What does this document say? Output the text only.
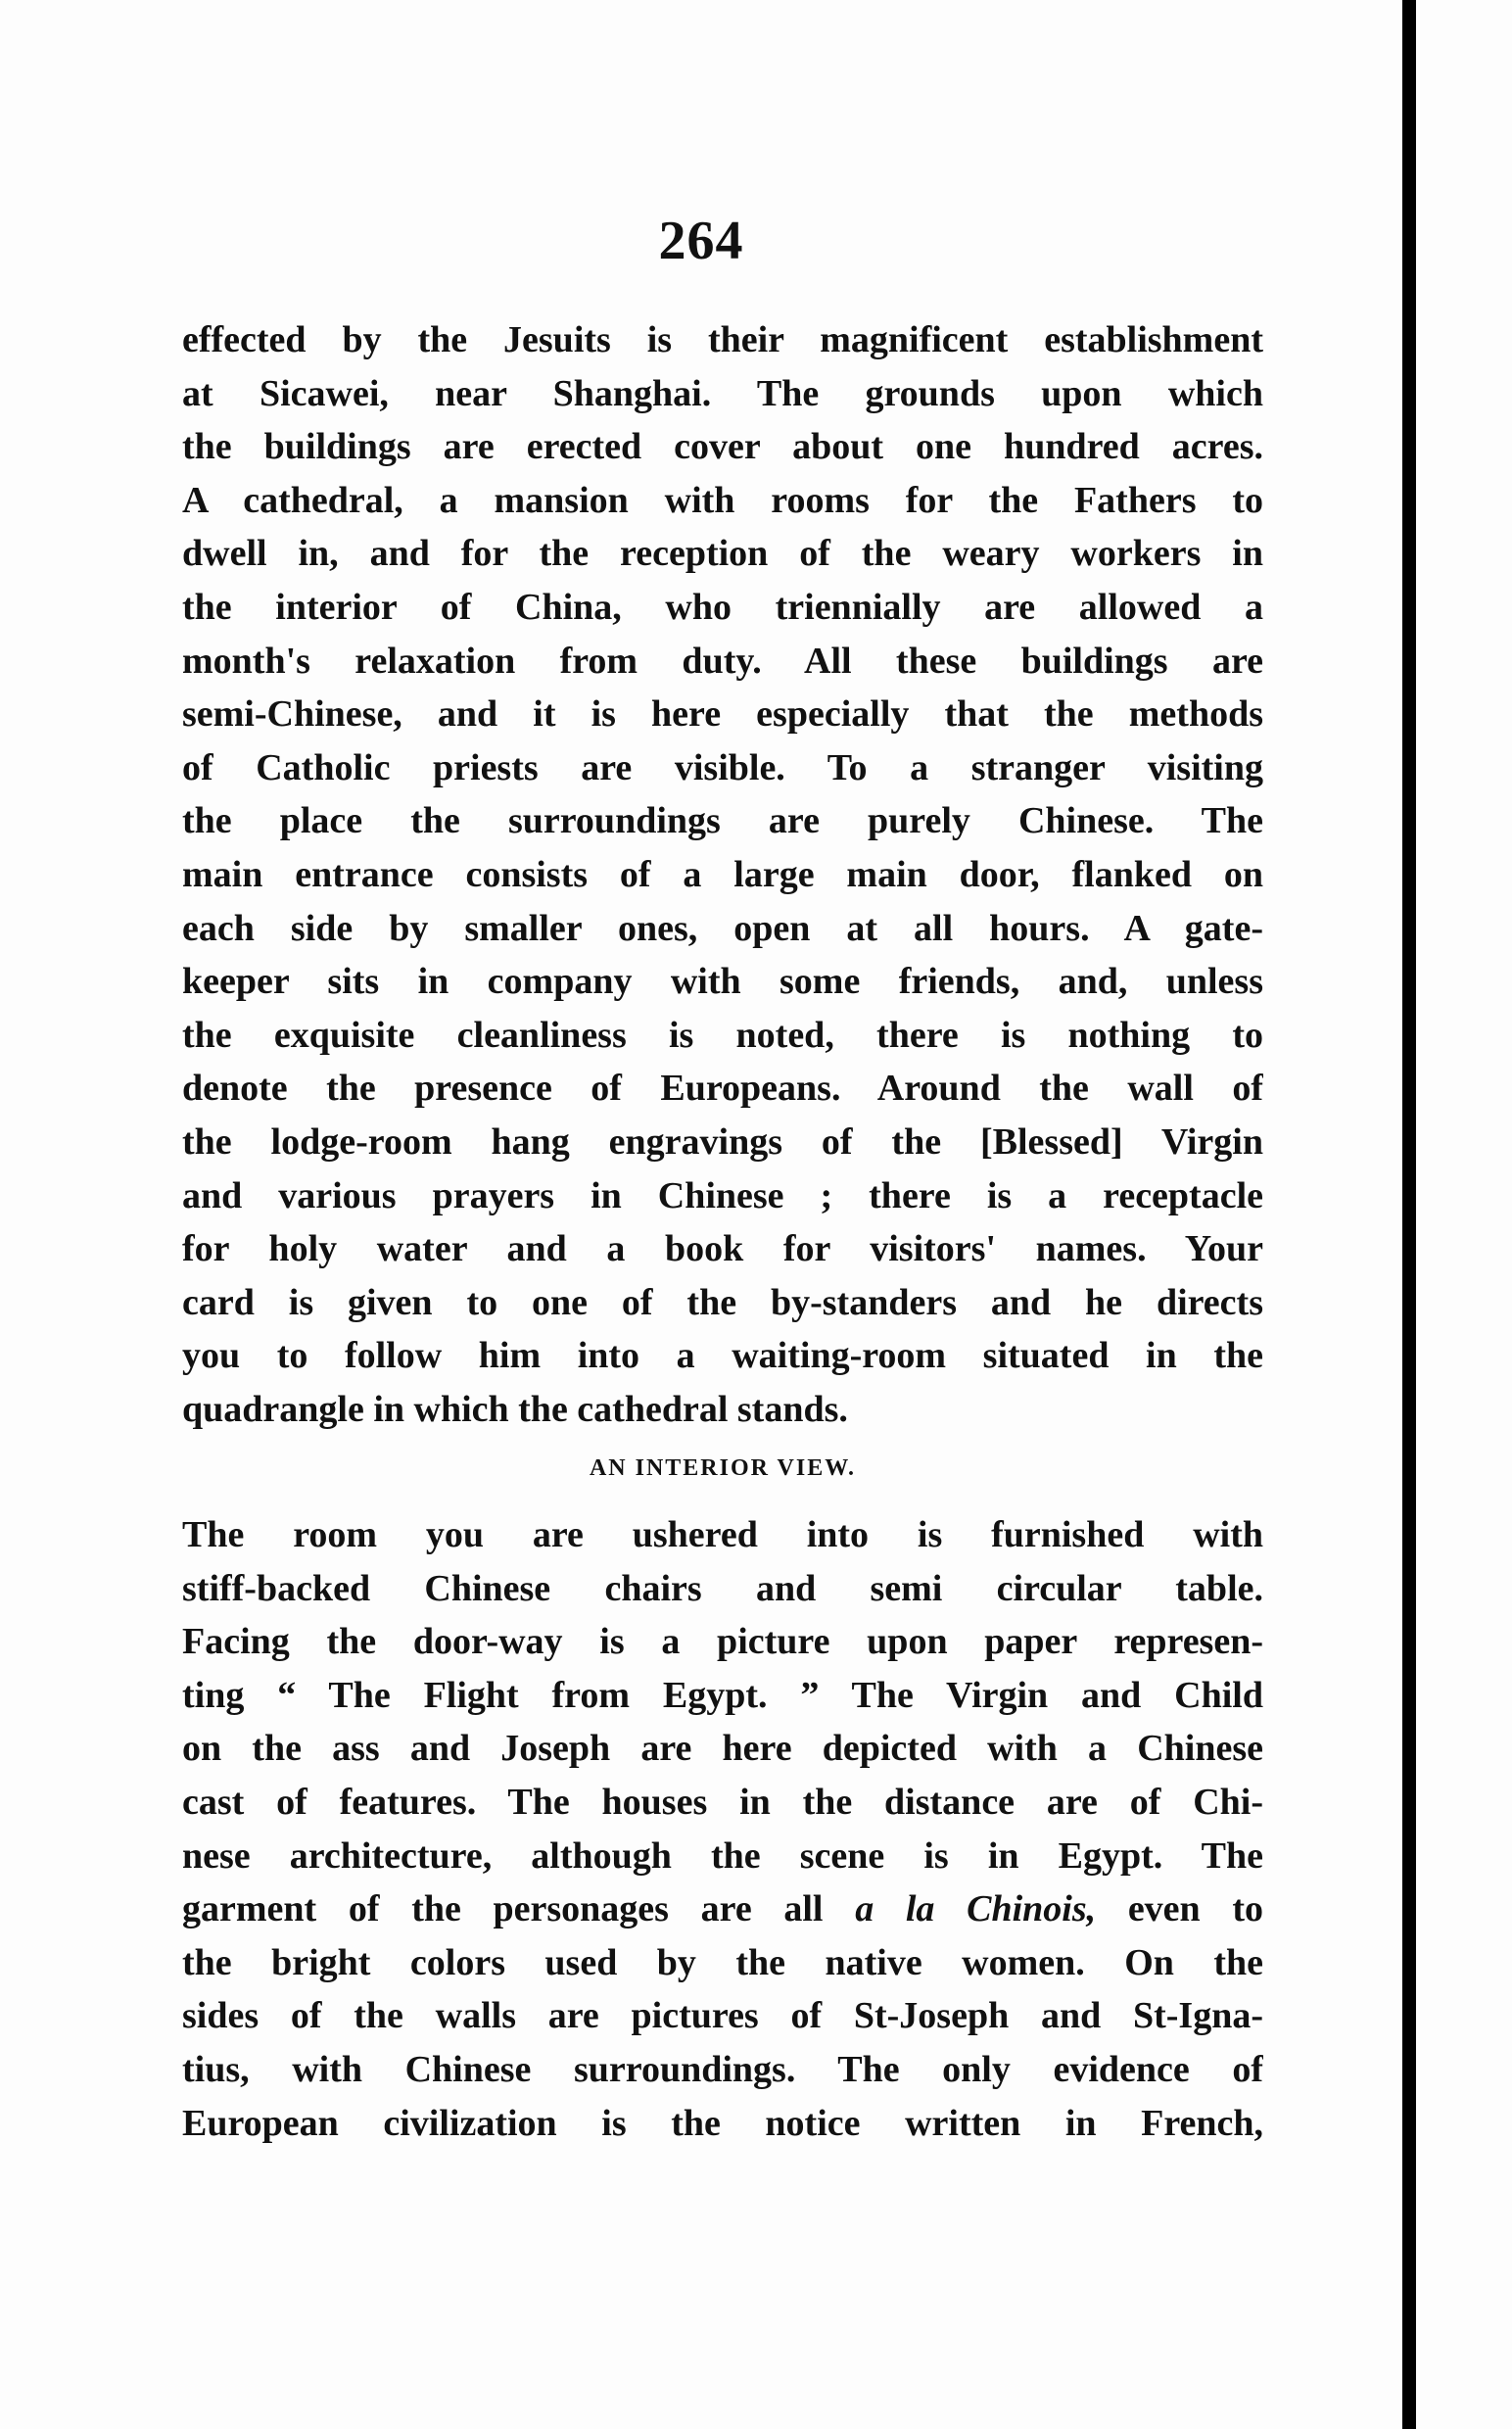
264
effected by the Jesuits is their magnificent establishment
at Sicawei, near Shanghai. The grounds upon which
the buildings are erected cover about one hundred acres.
A cathedral, a mansion with rooms for the Fathers to
dwell in, and for the reception of the weary workers in
the interior of China, who triennially are allowed a
month's relaxation from duty. All these buildings are
semi-Chinese, and it is here especially that the methods
of Catholic priests are visible. To a stranger visiting
the place the surroundings are purely Chinese. The
main entrance consists of a large main door, flanked on
each side by smaller ones, open at all hours. A gate-
keeper sits in company with some friends, and, unless
the exquisite cleanliness is noted, there is nothing to
denote the presence of Europeans. Around the wall of
the lodge-room hang engravings of the [Blessed] Virgin
and various prayers in Chinese ; there is a receptacle
for holy water and a book for visitors' names. Your
card is given to one of the by-standers and he directs
you to follow him into a waiting-room situated in the
quadrangle in which the cathedral stands.
AN INTERIOR VIEW.
The room you are ushered into is furnished with
stiff-backed Chinese chairs and semi circular table.
Facing the door-way is a picture upon paper represen-
ting “ The Flight from Egypt. ” The Virgin and Child
on the ass and Joseph are here depicted with a Chinese
cast of features. The houses in the distance are of Chi-
nese architecture, although the scene is in Egypt. The
garment of the personages are all a la Chinois, even to
the bright colors used by the native women. On the
sides of the walls are pictures of St-Joseph and St-Igna-
tius, with Chinese surroundings. The only evidence of
European civilization is the notice written in French,
